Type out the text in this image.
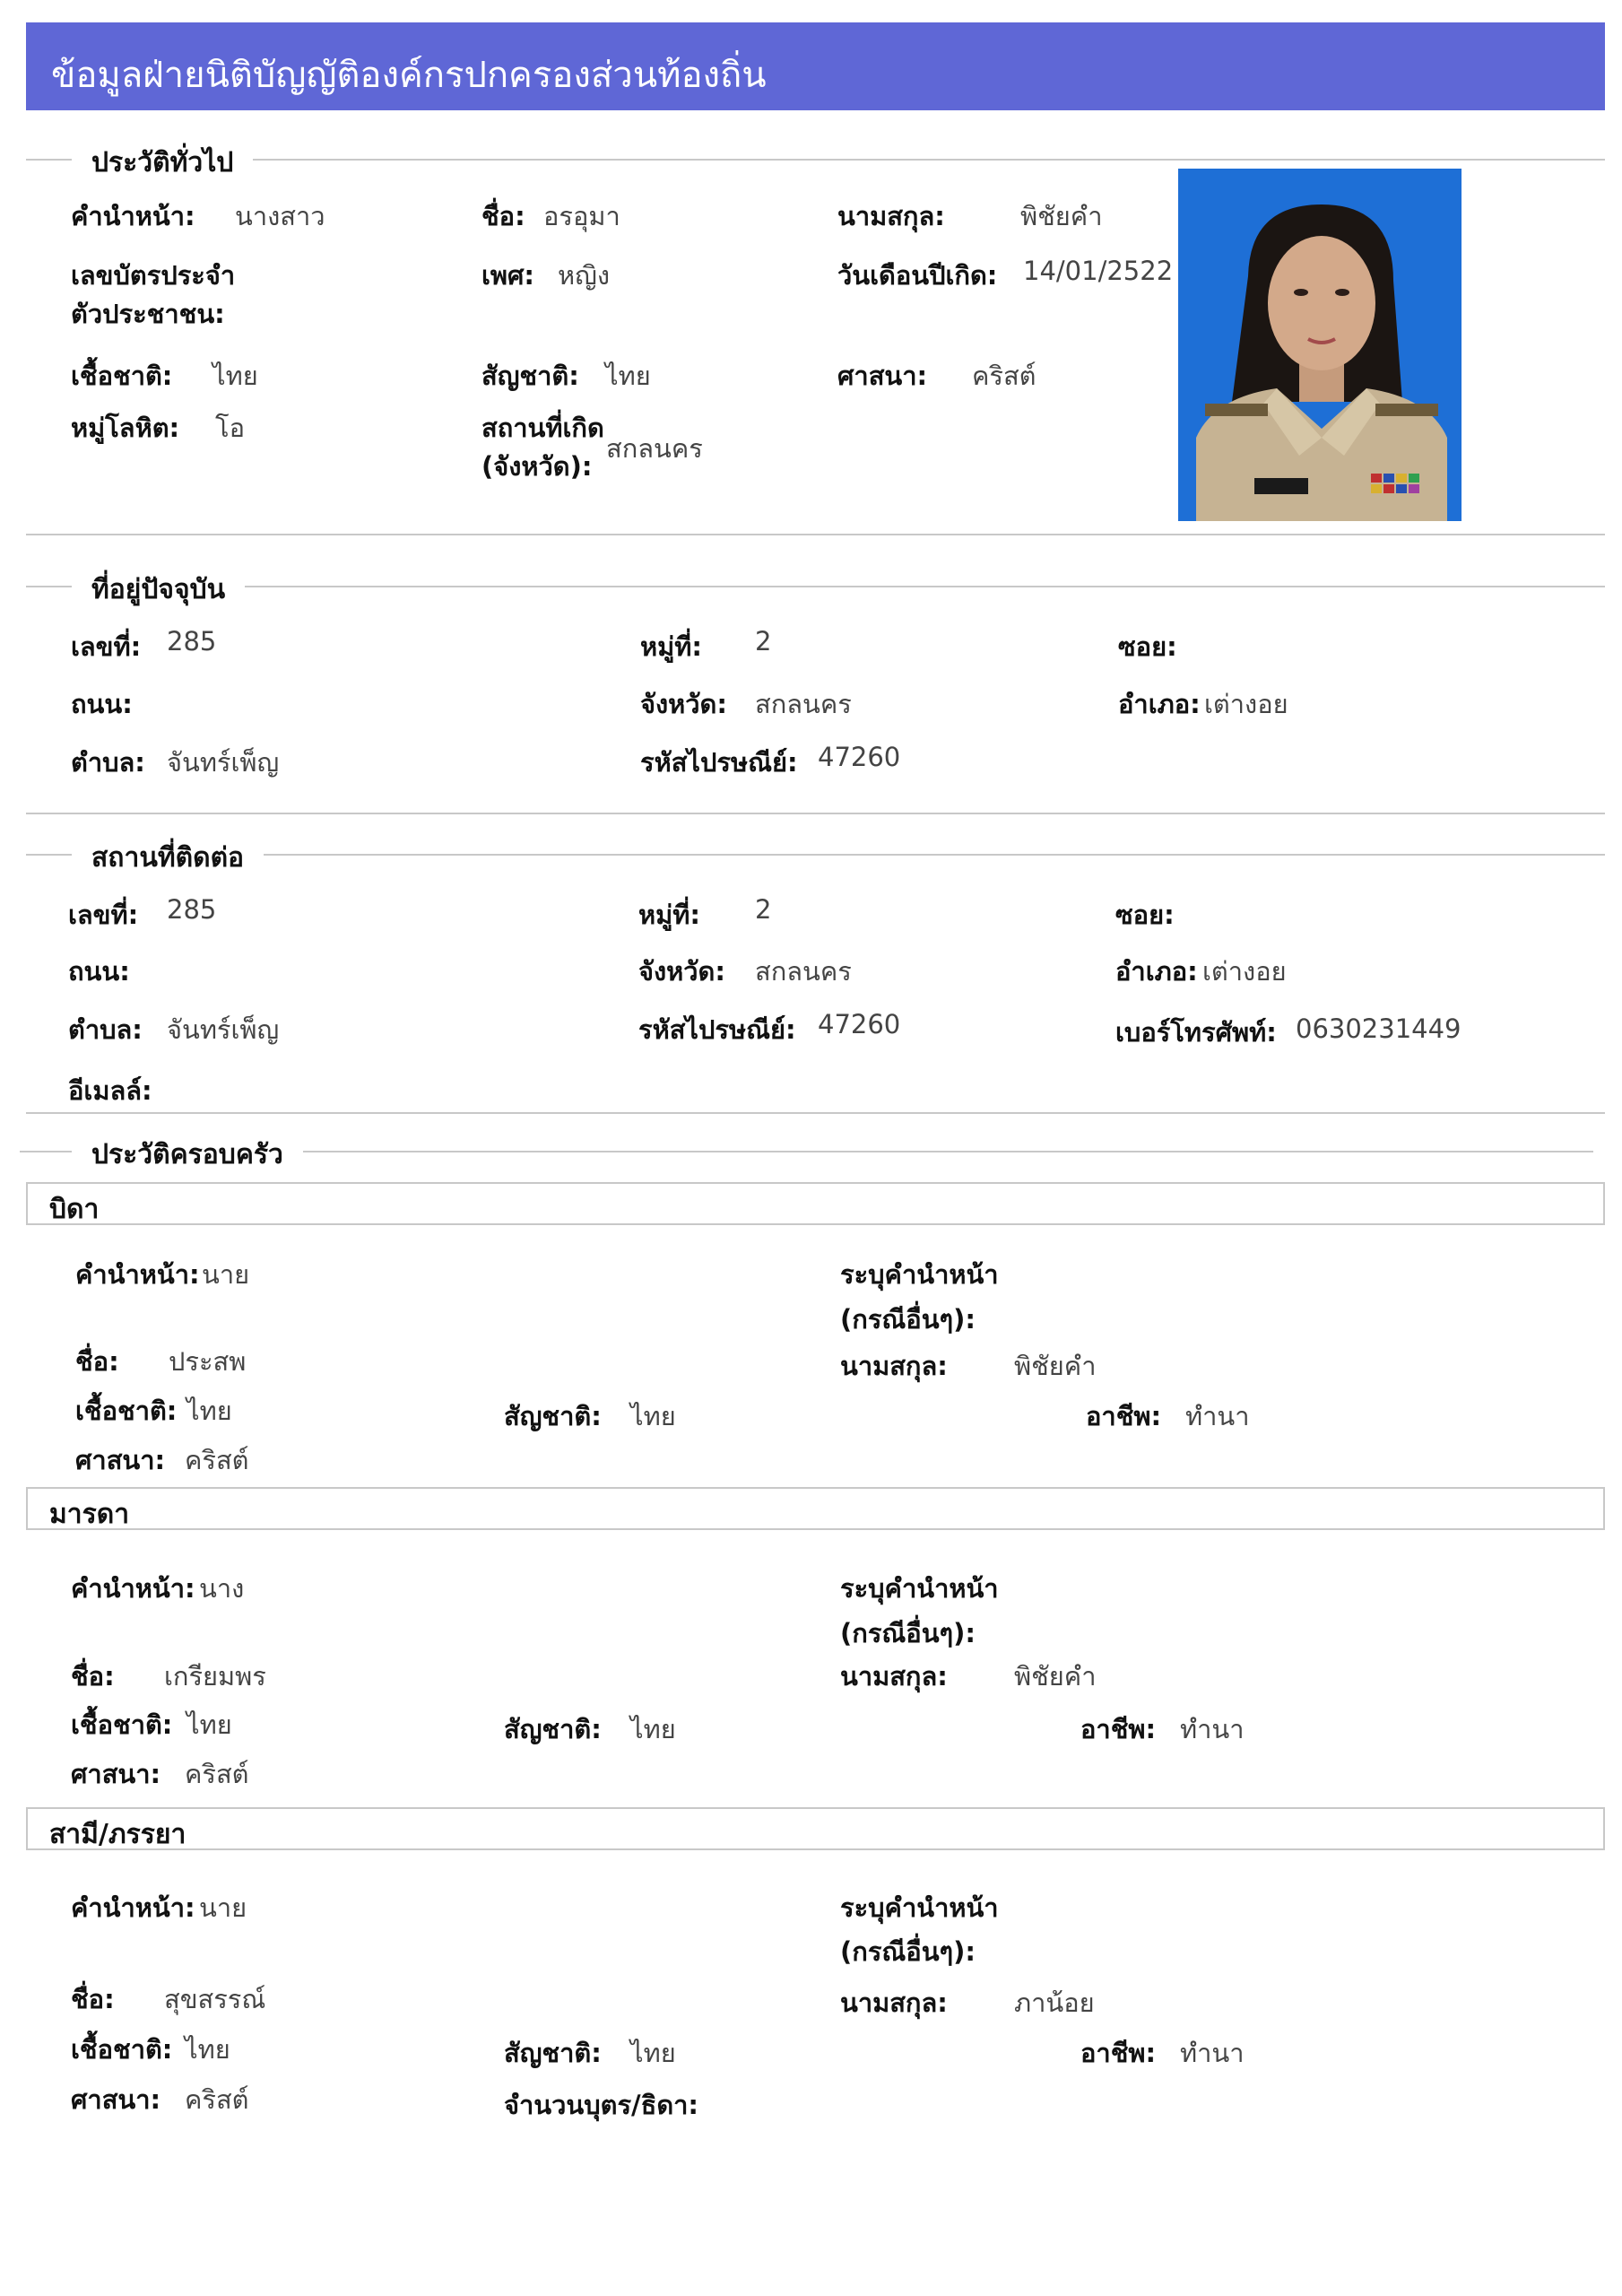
ข้อมูลฝ่ายนิติบัญญัติองค์กรปกครองส่วนท้องถิ่น
ประวัติทั่วไป
คำนำหน้า: นางสาว	ชื่อ: อรอุมา	นามสกุล:	พิชัยคำ
เลขบัตรประจำ
ตัวประชาชน:
เพศ: หญิง	วันเดือนปีเกิด: 14/01/2522
เชื้อชาติ: ไทย	สัญชาติ: ไทย	ศาสนา: คริสต์
หมู่โลหิต: โอ	สถานที่เกิด
(จังหวัด):
สกลนคร
ที่อยู่ปัจจุบัน
เลขที่: 285	หมู่ที่: 2	ซอย:
ถนน:	จังหวัด: สกลนคร	อำเภอ: เต่างอย
ตำบล: จันทร์เพ็ญ	รหัสไปรษณีย์: 47260
สถานที่ติดต่อ
เลขที่: 285	หมู่ที่: 2	ซอย:
ถนน:	จังหวัด: สกลนคร	อำเภอ: เต่างอย
ตำบล: จันทร์เพ็ญ	รหัสไปรษณีย์: 47260	เบอร์โทรศัพท์: 0630231449
อีเมลล์:
ประวัติครอบครัว
บิดา
คำนำหน้า: นาย	ระบุคำนำหน้า
(กรณีอื่นๆ):
ชื่อ: ประสพ	นามสกุล:	พิชัยคำ
เชื้อชาติ: ไทย	สัญชาติ: ไทย	อาชีพ: ทำนา
ศาสนา: คริสต์
มารดา
คำนำหน้า: นาง	ระบุคำนำหน้า
(กรณีอื่นๆ):
ชื่อ: เกรียมพร	นามสกุล:	พิชัยคำ
เชื้อชาติ: ไทย	สัญชาติ: ไทย	อาชีพ: ทำนา
ศาสนา: คริสต์
สามี/ภรรยา
คำนำหน้า: นาย	ระบุคำนำหน้า
(กรณีอื่นๆ):
ชื่อ: สุขสรรณ์	นามสกุล:	ภาน้อย
เชื้อชาติ: ไทย	สัญชาติ: ไทย	อาชีพ: ทำนา
ศาสนา: คริสต์	จำนวนบุตร/ธิดา:
